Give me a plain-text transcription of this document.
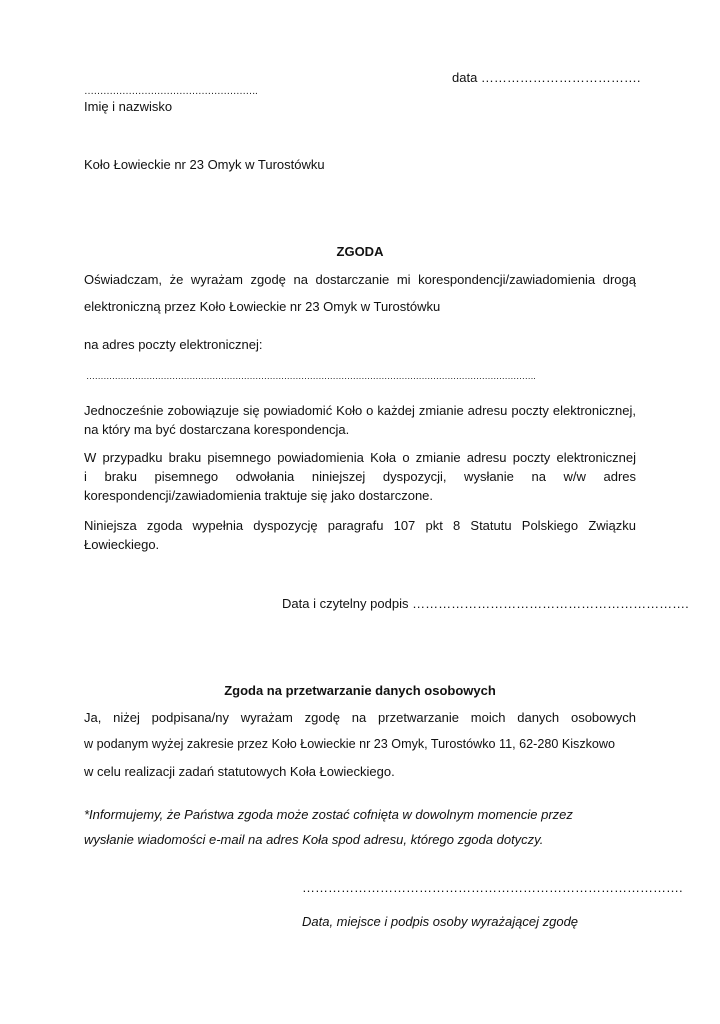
data ……………………………….
……………………………………………….
Imię i nazwisko
Koło Łowieckie nr 23 Omyk w Turostówku
ZGODA
Oświadczam, że wyrażam zgodę na dostarczanie mi korespondencji/zawiadomienia drogą
elektroniczną przez Koło Łowieckie nr 23 Omyk w Turostówku
na adres poczty elektronicznej:
………………………………………………………………………………………………………………………………………….
Jednocześnie zobowiązuje się powiadomić Koło o każdej zmianie adresu poczty elektronicznej,
na który ma być dostarczana korespondencja.
W przypadku braku pisemnego powiadomienia Koła o zmianie adresu poczty elektronicznej
i braku pisemnego odwołania niniejszej dyspozycji, wysłanie na w/w adres
korespondencji/zawiadomienia traktuje się jako dostarczone.
Niniejsza zgoda wypełnia dyspozycję paragrafu 107 pkt 8 Statutu Polskiego Związku
Łowieckiego.
Data i czytelny podpis ……………………………………………………….
Zgoda na przetwarzanie danych osobowych
Ja, niżej podpisana/ny wyrażam zgodę na przetwarzanie moich danych osobowych
w podanym wyżej zakresie przez Koło Łowieckie nr 23 Omyk, Turostówko 11, 62-280 Kiszkowo
w celu realizacji zadań statutowych Koła Łowieckiego.
*Informujemy, że Państwa zgoda może zostać cofnięta w dowolnym momencie przez
wysłanie wiadomości e-mail na adres Koła spod adresu, którego zgoda dotyczy.
…………………………………………………………………………….
Data, miejsce i podpis osoby wyrażającej zgodę
